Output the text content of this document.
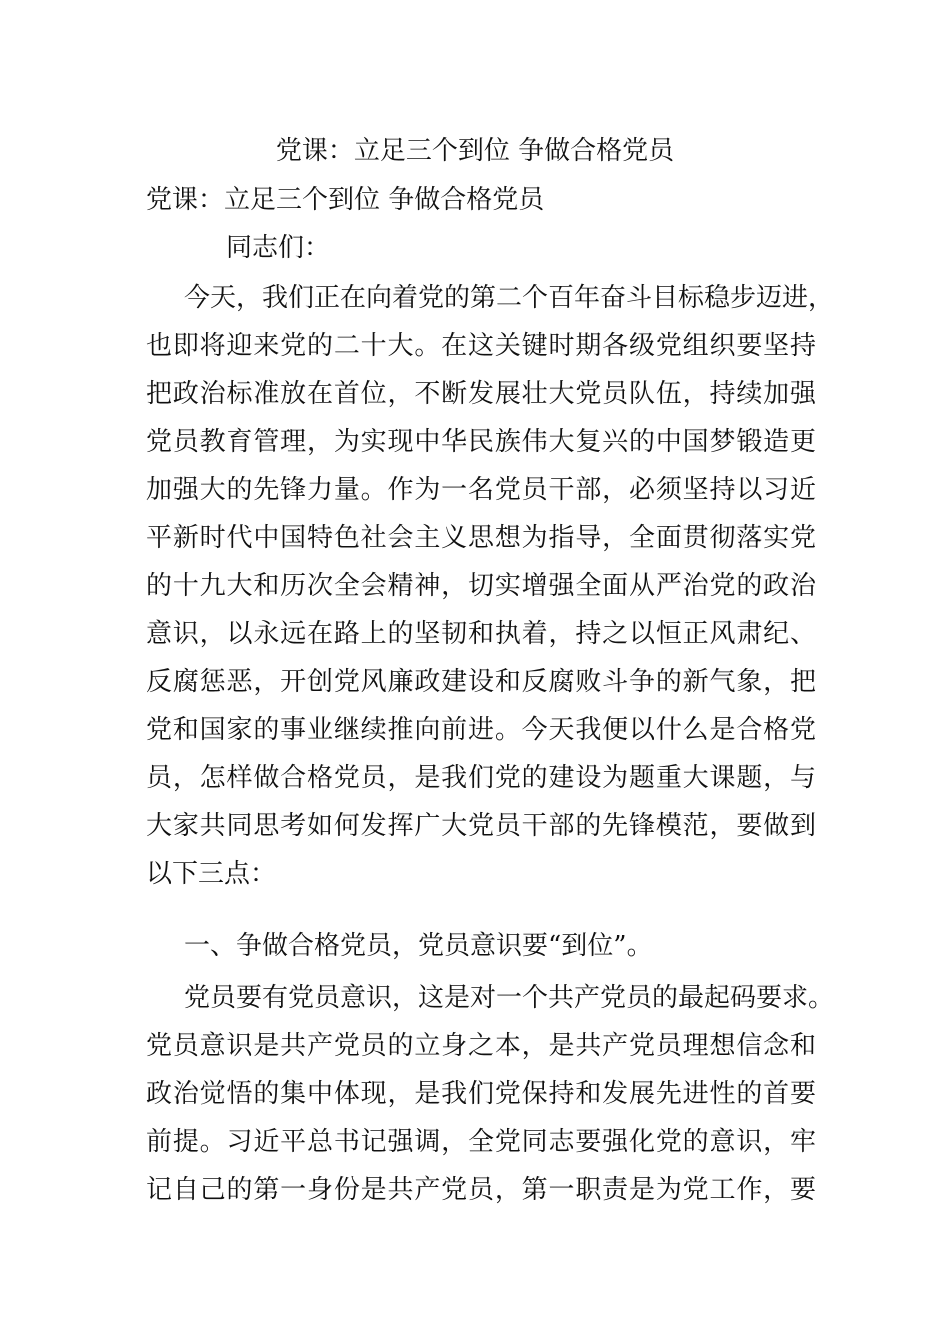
党课：立足三个到位 争做合格党员

党课：立足三个到位 争做合格党员

同志们：

今天，我们正在向着党的第二个百年奋斗目标稳步迈进，
也即将迎来党的二十大。在这关键时期各级党组织要坚持
把政治标准放在首位，不断发展壮大党员队伍，持续加强
党员教育管理，为实现中华民族伟大复兴的中国梦锻造更
加强大的先锋力量。作为一名党员干部，必须坚持以习近
平新时代中国特色社会主义思想为指导，全面贯彻落实党
的十九大和历次全会精神，切实增强全面从严治党的政治
意识，以永远在路上的坚韧和执着，持之以恒正风肃纪、
反腐惩恶，开创党风廉政建设和反腐败斗争的新气象，把
党和国家的事业继续推向前进。今天我便以什么是合格党
员，怎样做合格党员，是我们党的建设为题重大课题，与
大家共同思考如何发挥广大党员干部的先锋模范，要做到
以下三点：
一、争做合格党员，党员意识要“到位”。
党员要有党员意识，这是对一个共产党员的最起码要求。
党员意识是共产党员的立身之本，是共产党员理想信念和
政治觉悟的集中体现，是我们党保持和发展先进性的首要
前提。习近平总书记强调，全党同志要强化党的意识，牢
记自己的第一身份是共产党员，第一职责是为党工作，要
